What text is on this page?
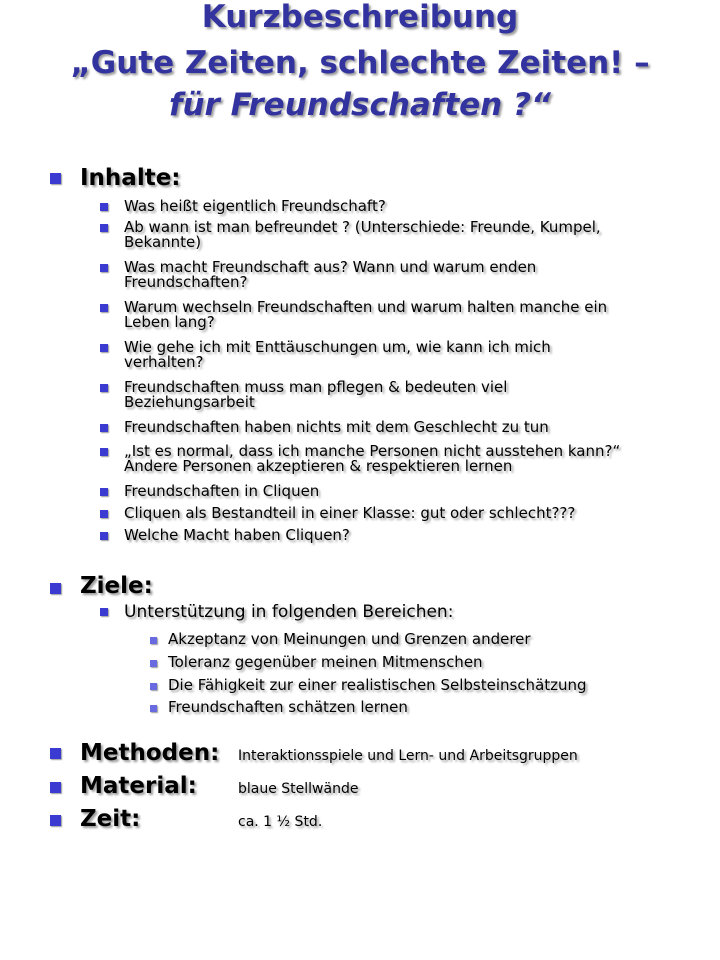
Kurzbeschreibung
„Gute Zeiten, schlechte Zeiten! –
für Freundschaften ?“
Inhalte:
Was heißt eigentlich Freundschaft?
Ab wann ist man befreundet ? (Unterschiede: Freunde, Kumpel,
Bekannte)
Was macht Freundschaft aus? Wann und warum enden
Freundschaften?
Warum wechseln Freundschaften und warum halten manche ein
Leben lang?
Wie gehe ich mit Enttäuschungen um, wie kann ich mich
verhalten?
Freundschaften muss man pflegen & bedeuten viel
Beziehungsarbeit
Freundschaften haben nichts mit dem Geschlecht zu tun
„Ist es normal, dass ich manche Personen nicht ausstehen kann?“
Andere Personen akzeptieren & respektieren lernen
Freundschaften in Cliquen
Cliquen als Bestandteil in einer Klasse: gut oder schlecht???
Welche Macht haben Cliquen?
Ziele:
Unterstützung in folgenden Bereichen:
Akzeptanz von Meinungen und Grenzen anderer
Toleranz gegenüber meinen Mitmenschen
Die Fähigkeit zur einer realistischen Selbsteinschätzung
Freundschaften schätzen lernen
Methoden: Interaktionsspiele und Lern- und Arbeitsgruppen
Material:	blaue Stellwände
Zeit:	ca. 1 ½ Std.
